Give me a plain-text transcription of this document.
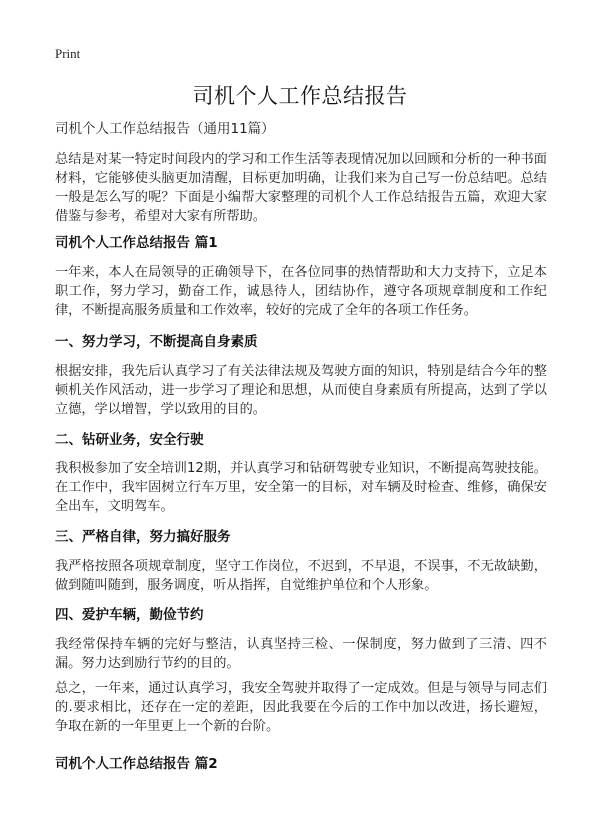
Print
司机个人工作总结报告
司机个人工作总结报告（通用11篇）

总结是对某一特定时间段内的学习和工作生活等表现情况加以回顾和分析的一种书面材料，它能够使头脑更加清醒，目标更加明确，让我们来为自己写一份总结吧。总结一般是怎么写的呢？下面是小编帮大家整理的司机个人工作总结报告五篇，欢迎大家借鉴与参考，希望对大家有所帮助。

司机个人工作总结报告 篇1

一年来，本人在局领导的正确领导下，在各位同事的热情帮助和大力支持下，立足本职工作，努力学习，勤奋工作，诚恳待人，团结协作，遵守各项规章制度和工作纪律，不断提高服务质量和工作效率，较好的完成了全年的各项工作任务。

一、努力学习，不断提高自身素质

根据安排，我先后认真学习了有关法律法规及驾驶方面的知识，特别是结合今年的整顿机关作风活动，进一步学习了理论和思想，从而使自身素质有所提高，达到了学以立德，学以增智，学以致用的目的。

二、钻研业务，安全行驶

我积极参加了安全培训12期，并认真学习和钻研驾驶专业知识，不断提高驾驶技能。在工作中，我牢固树立行车万里，安全第一的目标，对车辆及时检查、维修，确保安全出车，文明驾车。

三、严格自律，努力搞好服务

我严格按照各项规章制度，坚守工作岗位，不迟到，不早退，不误事，不无故缺勤，做到随叫随到，服务调度，听从指挥，自觉维护单位和个人形象。

四、爱护车辆，勤俭节约

我经常保持车辆的完好与整洁，认真坚持三检、一保制度，努力做到了三清、四不漏。努力达到励行节约的目的。

总之，一年来，通过认真学习，我安全驾驶并取得了一定成效。但是与领导与同志们的.要求相比，还存在一定的差距，因此我要在今后的工作中加以改进，扬长避短，争取在新的一年里更上一个新的台阶。

司机个人工作总结报告 篇2
